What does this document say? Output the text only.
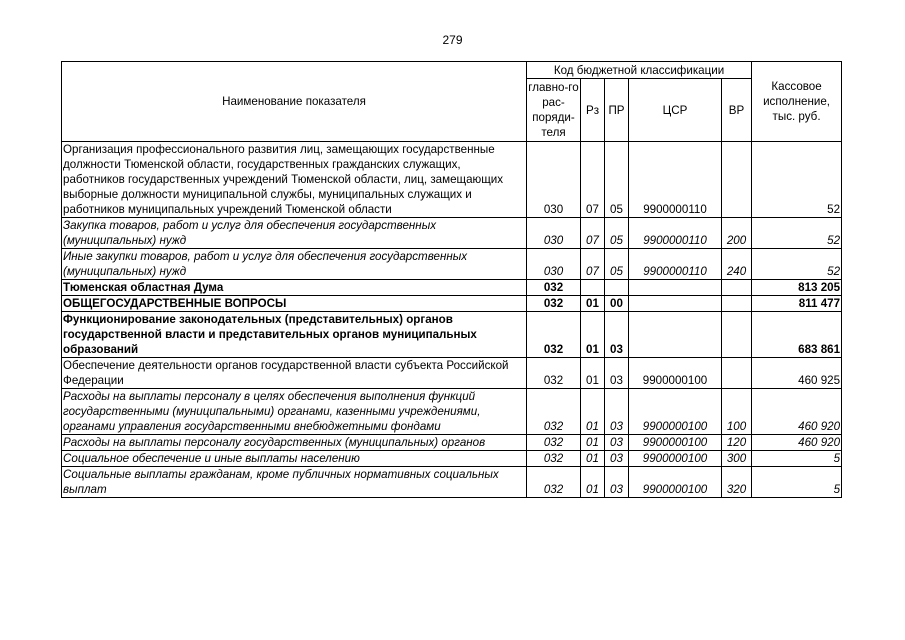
279
Наименование показателя	Код бюджетной классификации					Кассовое исполнение, тыс. руб.
	главно-го рас-поряди-теля	Рз	ПР	ЦСР	ВР	
Организация профессионального развития лиц, замещающих государственные должности Тюменской области, государственных гражданских служащих, работников государственных учреждений Тюменской области, лиц, замещающих выборные должности муниципальной службы, муниципальных служащих и работников муниципальных учреждений Тюменской области	030	07	05	9900000110		52
Закупка товаров, работ и услуг для обеспечения государственных (муниципальных) нужд	030	07	05	9900000110	200	52
Иные закупки товаров, работ и услуг для обеспечения государственных (муниципальных) нужд	030	07	05	9900000110	240	52
Тюменская областная Дума	032					813 205
ОБЩЕГОСУДАРСТВЕННЫЕ ВОПРОСЫ	032	01	00			811 477
Функционирование законодательных (представительных) органов государственной власти и представительных органов муниципальных образований	032	01	03			683 861
Обеспечение деятельности органов государственной власти субъекта Российской Федерации	032	01	03	9900000100		460 925
Расходы на выплаты персоналу в целях обеспечения выполнения функций государственными (муниципальными) органами, казенными учреждениями, органами управления государственными внебюджетными фондами	032	01	03	9900000100	100	460 920
Расходы на выплаты персоналу государственных (муниципальных) органов	032	01	03	9900000100	120	460 920
Социальное обеспечение и иные выплаты населению	032	01	03	9900000100	300	5
Социальные выплаты гражданам, кроме публичных нормативных социальных выплат	032	01	03	9900000100	320	5
